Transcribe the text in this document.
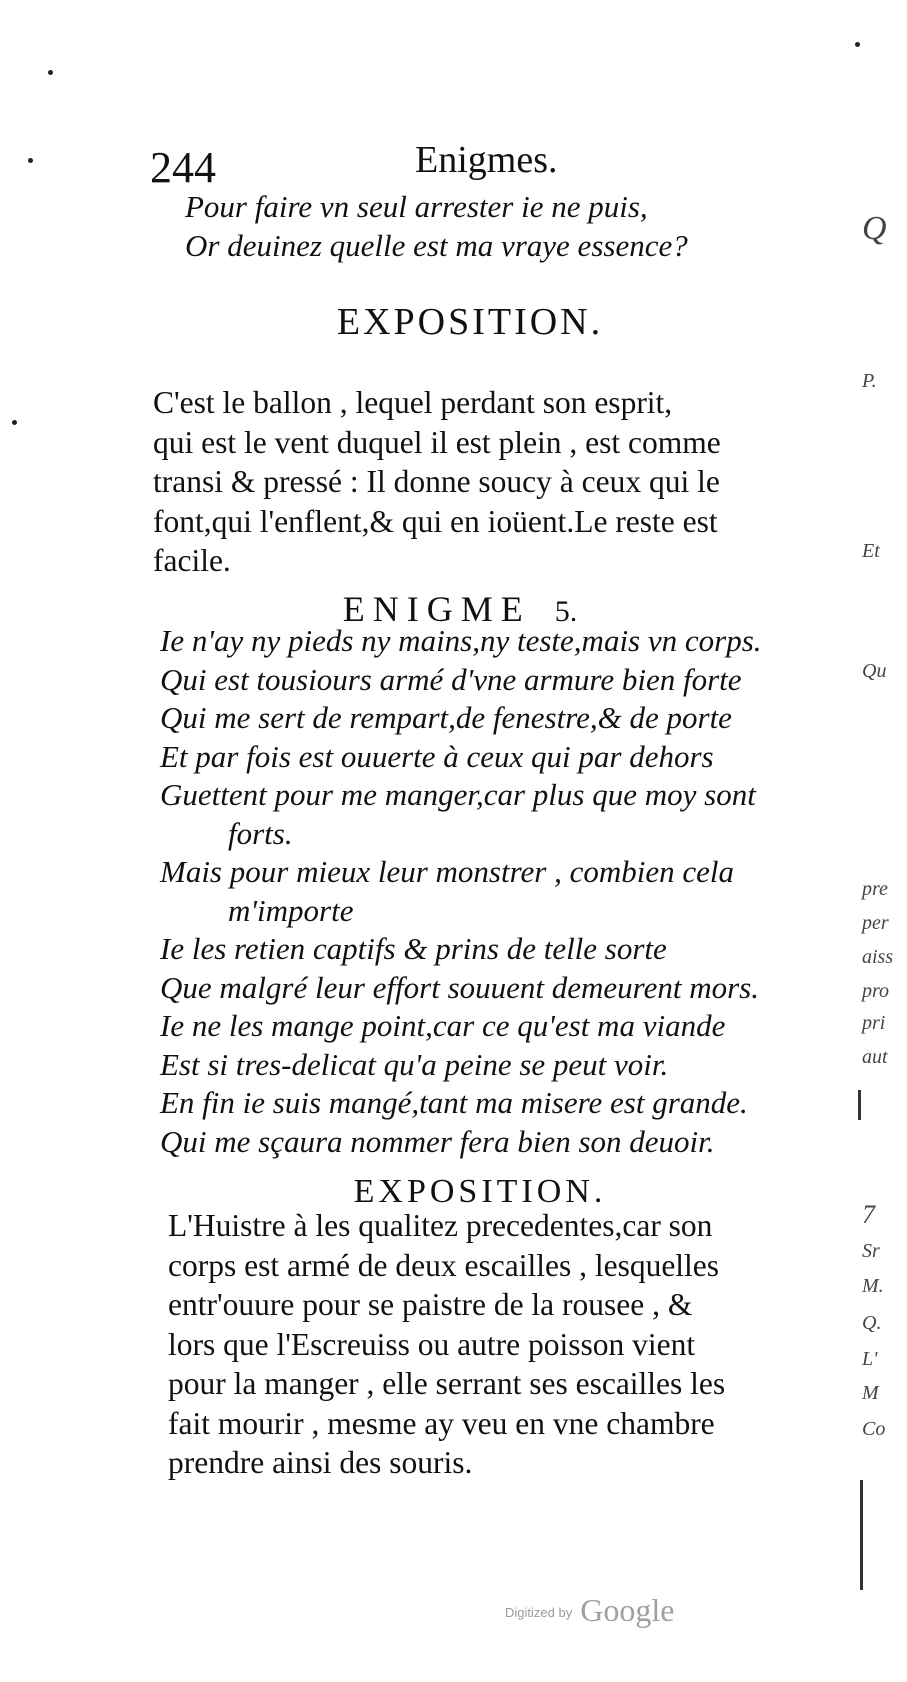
244	Enigmes.
Pour faire vn seul arrester ie ne puis,
Or deuinez quelle est ma vraye essence?
EXPOSITION.
C'est le ballon , lequel perdant son esprit,
qui est le vent duquel il est plein , est comme
transi & pressé : Il donne soucy à ceux qui le
font,qui l'enflent,& qui en ioüent.Le reste est
facile.
ENIGME 5.
Ie n'ay ny pieds ny mains,ny teste,mais vn corps.
Qui est tousiours armé d'vne armure bien forte
Qui me sert de rempart,de fenestre,& de porte
Et par fois est ouuerte à ceux qui par dehors
Guettent pour me manger,car plus que moy sont
forts.
Mais pour mieux leur monstrer , combien cela
m'importe
Ie les retien captifs & prins de telle sorte
Que malgré leur effort souuent demeurent mors.
Ie ne les mange point,car ce qu'est ma viande
Est si tres-delicat qu'a peine se peut voir.
En fin ie suis mangé,tant ma misere est grande.
Qui me sçaura nommer fera bien son deuoir.
EXPOSITION.
L'Huistre à les qualitez precedentes,car son
corps est armé de deux escailles , lesquelles
entr'ouure pour se paistre de la rousee , &
lors que l'Escreuiss ou autre poisson vient
pour la manger , elle serrant ses escailles les
fait mourir , mesme ay veu en vne chambre
prendre ainsi des souris.
Q
P.
Et
Qu
pre
per
aiss
pro
pri
aut
7
Sr
M.
Q.
L'
M
Co
$^{Digitized by}$ Google
